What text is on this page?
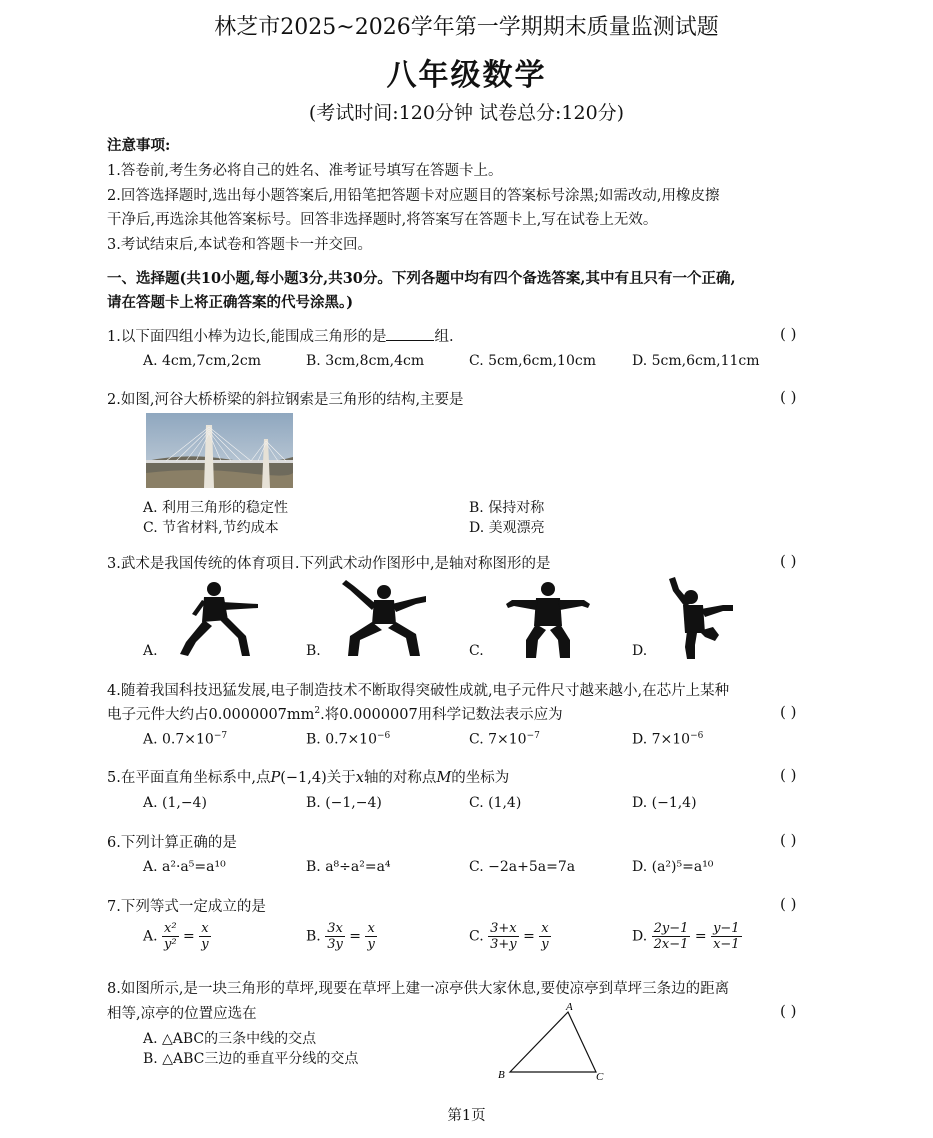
林芝市2025~2026学年第一学期期末质量监测试题
八年级数学
(考试时间:120分钟 试卷总分:120分)
注意事项:
1.答卷前,考生务必将自己的姓名、准考证号填写在答题卡上。
2.回答选择题时,选出每小题答案后,用铅笔把答题卡对应题目的答案标号涂黑;如需改动,用橡皮擦
干净后,再选涂其他答案标号。回答非选择题时,将答案写在答题卡上,写在试卷上无效。
3.考试结束后,本试卷和答题卡一并交回。
一、选择题(共10小题,每小题3分,共30分。下列各题中均有四个备选答案,其中有且只有一个正确,
请在答题卡上将正确答案的代号涂黑。)
1.以下面四组小棒为边长,能围成三角形的是	组.	( )
A. 4cm,7cm,2cm	B. 3cm,8cm,4cm	C. 5cm,6cm,10cm	D. 5cm,6cm,11cm
2.如图,河谷大桥桥梁的斜拉钢索是三角形的结构,主要是	( )
A. 利用三角形的稳定性	B. 保持对称
C. 节省材料,节约成本	D. 美观漂亮
3.武术是我国传统的体育项目.下列武术动作图形中,是轴对称图形的是	( )
A.	B.	C.	D.
4.随着我国科技迅猛发展,电子制造技术不断取得突破性成就,电子元件尺寸越来越小,在芯片上某种
电子元件大约占$0.0000007mm^2$.将0.0000007用科学记数法表示应为	( )
A. $0.7\times 10^{-7}$	B. $0.7\times 10^{-6}$	C. $7\times 10^{-7}$	D. $7\times 10^{-6}$
5.在平面直角坐标系中,点P(−1,4)关于x轴的对称点M的坐标为	( )
A. (1,−4)	B. (−1,−4)	C. (1,4)	D. (−1,4)
6.下列计算正确的是	( )
A. a²·a⁵=a¹⁰	B. a⁸÷a²=a⁴	C. −2a+5a=7a	D. (a²)⁵=a¹⁰
7.下列等式一定成立的是	( )
A. $\frac{\text{x²}}{\text{y²}} = \frac{x}{y}$	B. $\frac{3x}{3y} = \frac{x}{y}$	C. $\frac{3+x}{3+y} = \frac{x}{y}$	D. $\frac{2y-1}{2x-1} = \frac{y-1}{x-1}$
8.如图所示,是一块三角形的草坪,现要在草坪上建一凉亭供大家休息,要使凉亭到草坪三条边的距离
相等,凉亭的位置应选在	( )
A. △ABC的三条中线的交点
B. △ABC三边的垂直平分线的交点
A
B	C
第1页
